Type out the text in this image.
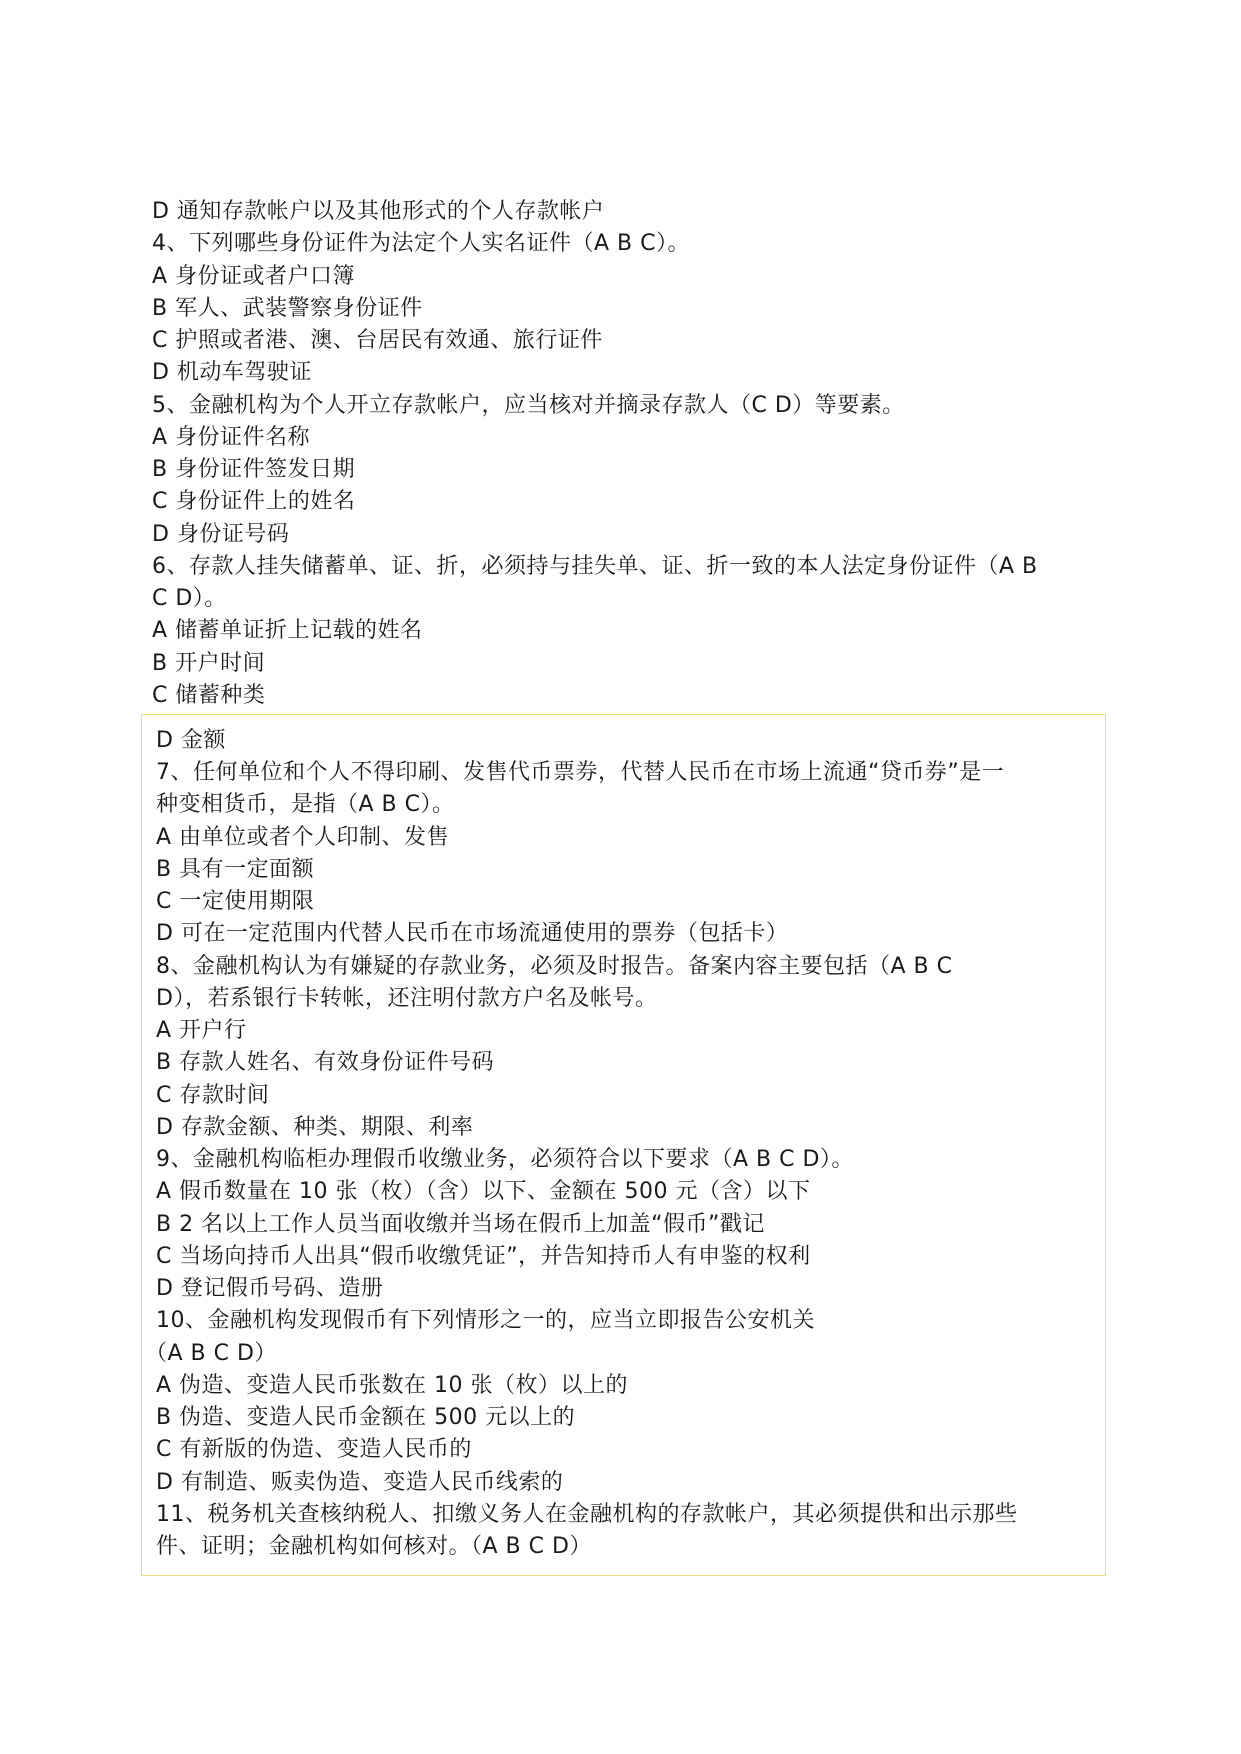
D 通知存款帐户以及其他形式的个人存款帐户
4、下列哪些身份证件为法定个人实名证件（A B C）。
A 身份证或者户口簿
B 军人、武装警察身份证件
C 护照或者港、澳、台居民有效通、旅行证件
D 机动车驾驶证
5、金融机构为个人开立存款帐户，应当核对并摘录存款人（C D）等要素。
A 身份证件名称
B 身份证件签发日期
C 身份证件上的姓名
D 身份证号码
6、存款人挂失储蓄单、证、折，必须持与挂失单、证、折一致的本人法定身份证件（A B
C D）。
A 储蓄单证折上记载的姓名
B 开户时间
C 储蓄种类
D 金额
7、任何单位和个人不得印刷、发售代币票券，代替人民币在市场上流通“贷币券”是一
种变相货币，是指（A B C）。
A 由单位或者个人印制、发售
B 具有一定面额
C 一定使用期限
D 可在一定范围内代替人民币在市场流通使用的票券（包括卡）
8、金融机构认为有嫌疑的存款业务，必须及时报告。备案内容主要包括（A B C
D），若系银行卡转帐，还注明付款方户名及帐号。
A 开户行
B 存款人姓名、有效身份证件号码
C 存款时间
D 存款金额、种类、期限、利率
9、金融机构临柜办理假币收缴业务，必须符合以下要求（A B C D）。
A 假币数量在 10 张（枚）（含）以下、金额在 500 元（含）以下
B 2 名以上工作人员当面收缴并当场在假币上加盖“假币”戳记
C 当场向持币人出具“假币收缴凭证”，并告知持币人有申鉴的权利
D 登记假币号码、造册
10、金融机构发现假币有下列情形之一的，应当立即报告公安机关
（A B C D）
A 伪造、变造人民币张数在 10 张（枚）以上的
B 伪造、变造人民币金额在 500 元以上的
C 有新版的伪造、变造人民币的
D 有制造、贩卖伪造、变造人民币线索的
11、税务机关查核纳税人、扣缴义务人在金融机构的存款帐户，其必须提供和出示那些
件、证明；金融机构如何核对。（A B C D）
